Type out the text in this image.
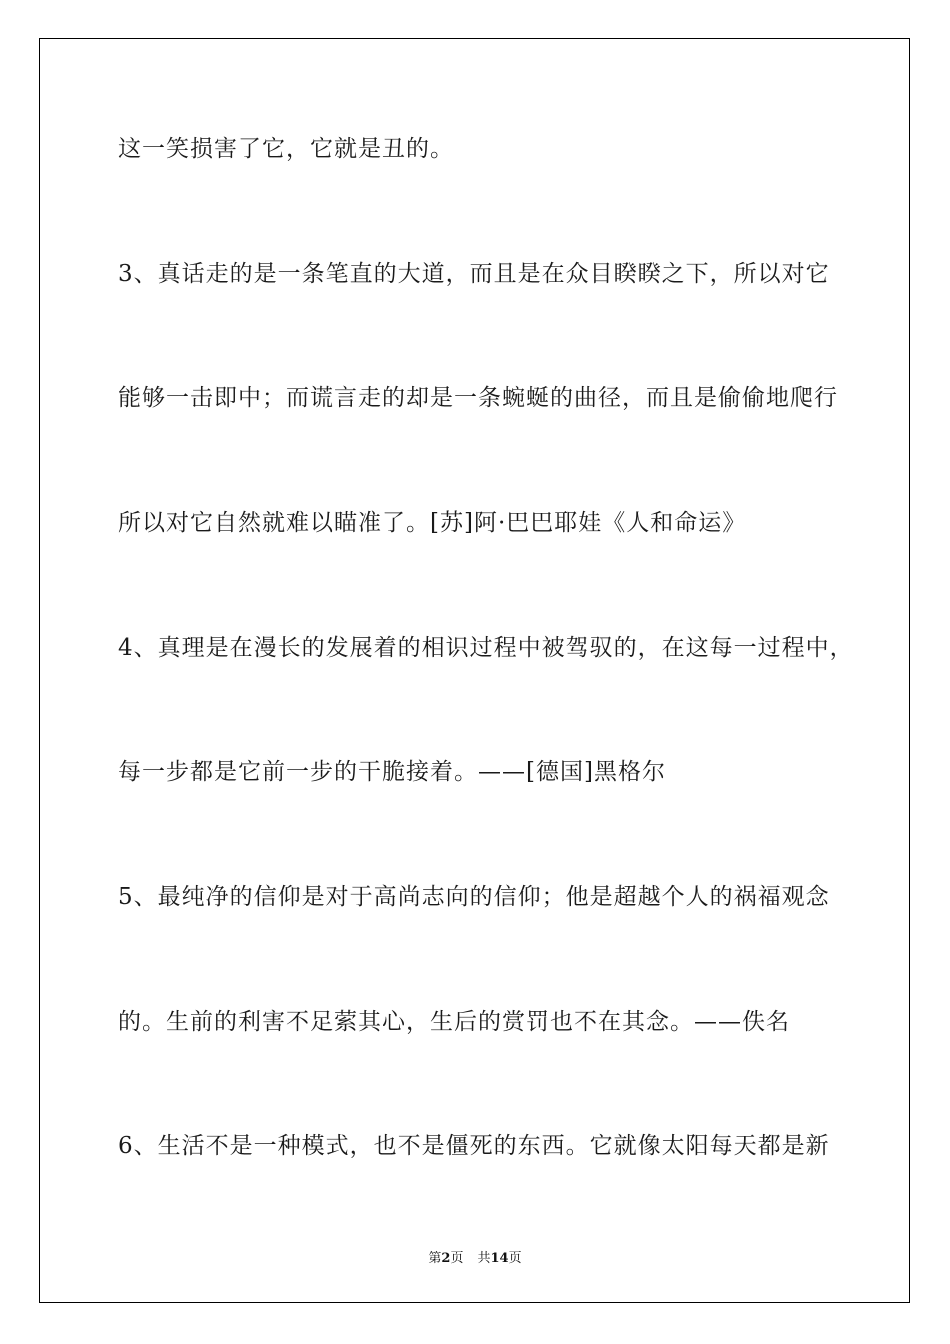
这一笑损害了它，它就是丑的。
3、真话走的是一条笔直的大道，而且是在众目睽睽之下，所以对它
能够一击即中；而谎言走的却是一条蜿蜒的曲径，而且是偷偷地爬行
所以对它自然就难以瞄准了。[苏]阿·巴巴耶娃《人和命运》
4、真理是在漫长的发展着的相识过程中被驾驭的，在这每一过程中，
每一步都是它前一步的干脆接着。——[德国]黑格尔
5、最纯净的信仰是对于高尚志向的信仰；他是超越个人的祸福观念
的。生前的利害不足萦其心，生后的赏罚也不在其念。——佚名
6、生活不是一种模式，也不是僵死的东西。它就像太阳每天都是新
第2页 共14页
